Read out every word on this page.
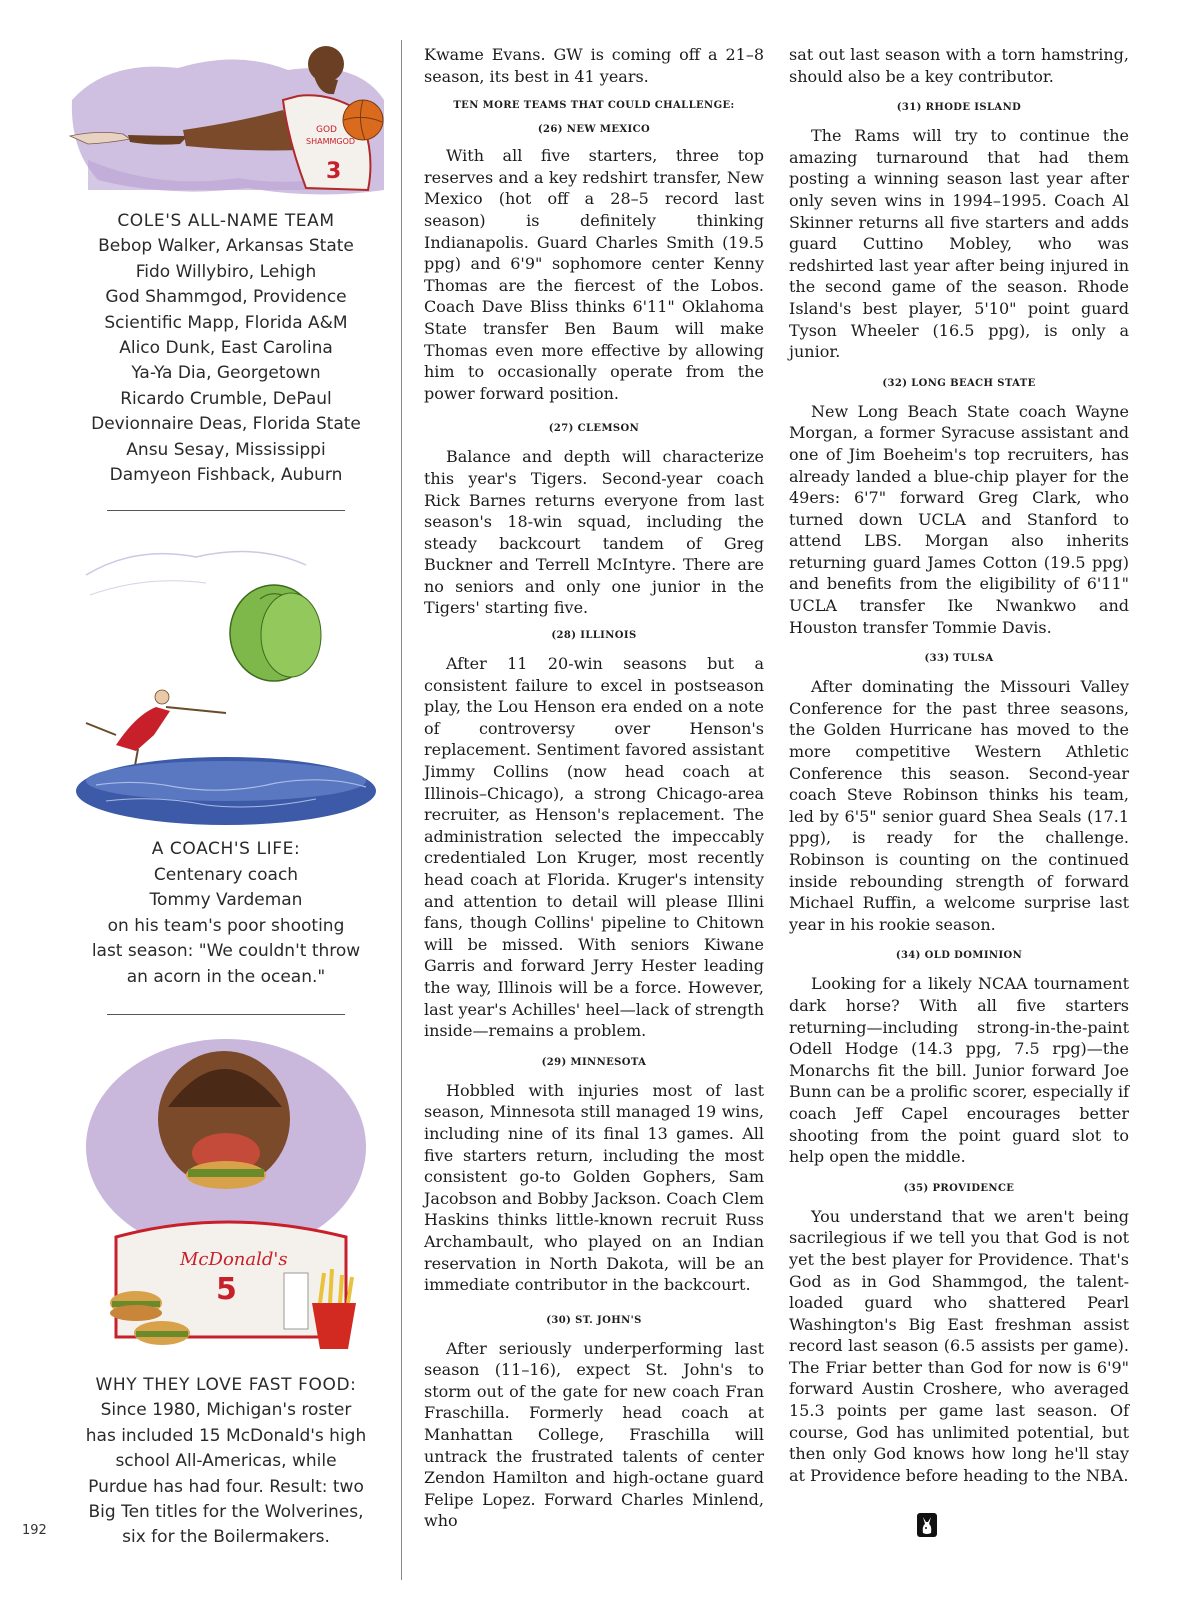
GOD
SHAMMGOD
3
COLE'S ALL-NAME TEAM
Bebop Walker, Arkansas State
Fido Willybiro, Lehigh
God Shammgod, Providence
Scientific Mapp, Florida A&M
Alico Dunk, East Carolina
Ya-Ya Dia, Georgetown
Ricardo Crumble, DePaul
Devionnaire Deas, Florida State
Ansu Sesay, Mississippi
Damyeon Fishback, Auburn
A COACH'S LIFE:
Centenary coach
Tommy Vardeman
on his team's poor shooting
last season: "We couldn't throw
an acorn in the ocean."
McDonald's
5
WHY THEY LOVE FAST FOOD:
Since 1980, Michigan's roster
has included 15 McDonald's high
school All-Americas, while
Purdue has had four. Result: two
Big Ten titles for the Wolverines,
six for the Boilermakers.

Kwame Evans. GW is coming off a 21–8 season, its best in 41 years.

TEN MORE TEAMS THAT COULD CHALLENGE:
(26) NEW MEXICO

With all five starters, three top reserves and a key redshirt transfer, New Mexico (hot off a 28–5 record last season) is definitely thinking Indianapolis. Guard Charles Smith (19.5 ppg) and 6'9" sophomore center Kenny Thomas are the fiercest of the Lobos. Coach Dave Bliss thinks 6'11" Oklahoma State transfer Ben Baum will make Thomas even more effective by allowing him to occasionally operate from the power forward position.

(27) CLEMSON

Balance and depth will characterize this year's Tigers. Second-year coach Rick Barnes returns everyone from last season's 18-win squad, including the steady backcourt tandem of Greg Buckner and Terrell McIntyre. There are no seniors and only one junior in the Tigers' starting five.

(28) ILLINOIS

After 11 20-win seasons but a consistent failure to excel in postseason play, the Lou Henson era ended on a note of controversy over Henson's replacement. Sentiment favored assistant Jimmy Collins (now head coach at Illinois–Chicago), a strong Chicago-area recruiter, as Henson's replacement. The administration selected the impeccably credentialed Lon Kruger, most recently head coach at Florida. Kruger's intensity and attention to detail will please Illini fans, though Collins' pipeline to Chitown will be missed. With seniors Kiwane Garris and forward Jerry Hester leading the way, Illinois will be a force. However, last year's Achilles' heel—lack of strength inside—remains a problem.

(29) MINNESOTA

Hobbled with injuries most of last season, Minnesota still managed 19 wins, including nine of its final 13 games. All five starters return, including the most consistent go-to Golden Gophers, Sam Jacobson and Bobby Jackson. Coach Clem Haskins thinks little-known recruit Russ Archambault, who played on an Indian reservation in North Dakota, will be an immediate contributor in the backcourt.

(30) ST. JOHN'S

After seriously underperforming last season (11–16), expect St. John's to storm out of the gate for new coach Fran Fraschilla. Formerly head coach at Manhattan College, Fraschilla will untrack the frustrated talents of center Zendon Hamilton and high-octane guard Felipe Lopez. Forward Charles Minlend, who

sat out last season with a torn hamstring, should also be a key contributor.

(31) RHODE ISLAND

The Rams will try to continue the amazing turnaround that had them posting a winning season last year after only seven wins in 1994–1995. Coach Al Skinner returns all five starters and adds guard Cuttino Mobley, who was redshirted last year after being injured in the second game of the season. Rhode Island's best player, 5'10" point guard Tyson Wheeler (16.5 ppg), is only a junior.

(32) LONG BEACH STATE

New Long Beach State coach Wayne Morgan, a former Syracuse assistant and one of Jim Boeheim's top recruiters, has already landed a blue-chip player for the 49ers: 6'7" forward Greg Clark, who turned down UCLA and Stanford to attend LBS. Morgan also inherits returning guard James Cotton (19.5 ppg) and benefits from the eligibility of 6'11" UCLA transfer Ike Nwankwo and Houston transfer Tommie Davis.

(33) TULSA

After dominating the Missouri Valley Conference for the past three seasons, the Golden Hurricane has moved to the more competitive Western Athletic Conference this season. Second-year coach Steve Robinson thinks his team, led by 6'5" senior guard Shea Seals (17.1 ppg), is ready for the challenge. Robinson is counting on the continued inside rebounding strength of forward Michael Ruffin, a welcome surprise last year in his rookie season.

(34) OLD DOMINION

Looking for a likely NCAA tournament dark horse? With all five starters returning—including strong-in-the-paint Odell Hodge (14.3 ppg, 7.5 rpg)—the Monarchs fit the bill. Junior forward Joe Bunn can be a prolific scorer, especially if coach Jeff Capel encourages better shooting from the point guard slot to help open the middle.

(35) PROVIDENCE

You understand that we aren't being sacrilegious if we tell you that God is not yet the best player for Providence. That's God as in God Shammgod, the talent-loaded guard who shattered Pearl Washington's Big East freshman assist record last season (6.5 assists per game). The Friar better than God for now is 6'9" forward Austin Croshere, who averaged 15.3 points per game last season. Of course, God has unlimited potential, but then only God knows how long he'll stay at Providence before heading to the NBA.

192
